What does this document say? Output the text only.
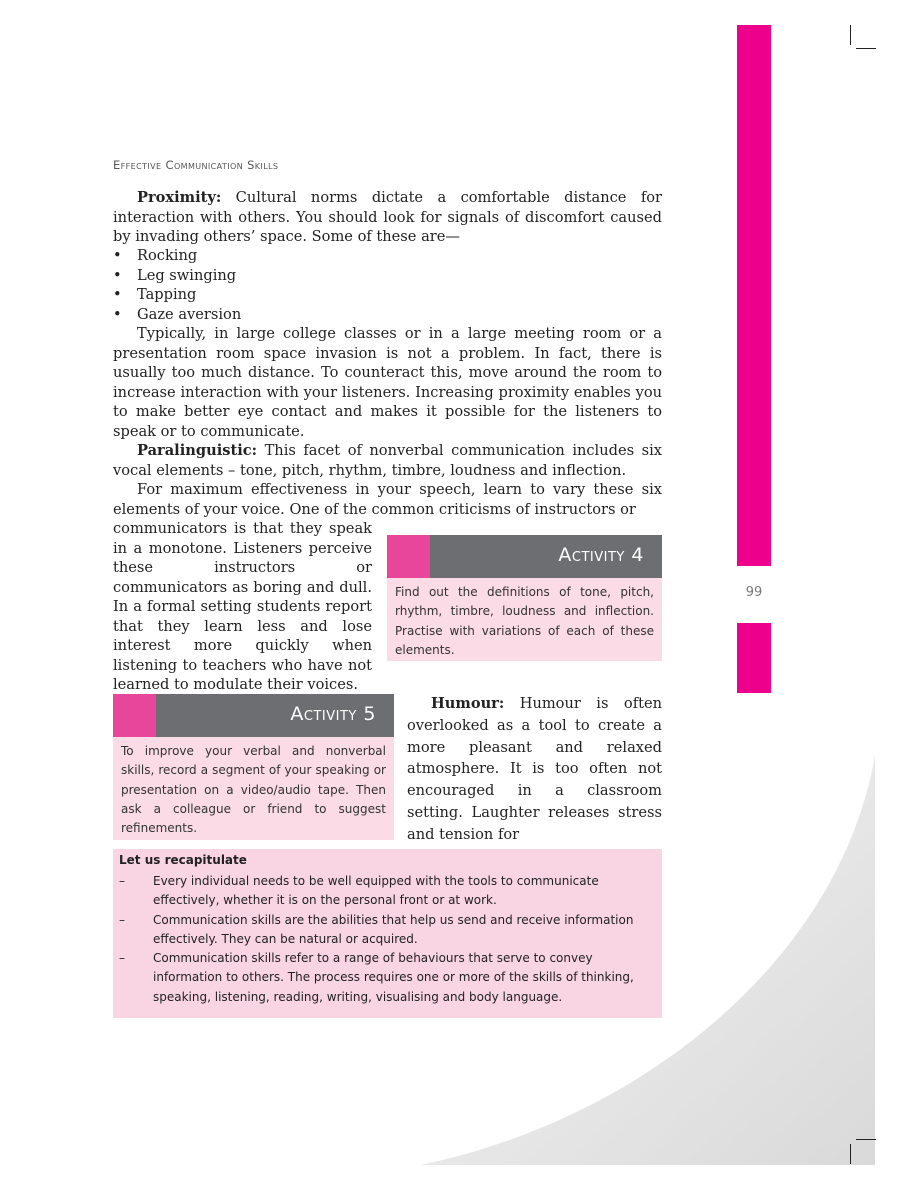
99
Effective Communication Skills

Proximity: Cultural norms dictate a comfortable distance for interaction with others. You should look for signals of discomfort caused by invading others’ space. Some of these are—

• Rocking
• Leg swinging
• Tapping
• Gaze aversion

Typically, in large college classes or in a large meeting room or a presentation room space invasion is not a problem. In fact, there is usually too much distance. To counteract this, move around the room to increase interaction with your listeners. Increasing proximity enables you to make better eye contact and makes it possible for the listeners to speak or to communicate.

Paralinguistic: This facet of nonverbal communication includes six vocal elements – tone, pitch, rhythm, timbre, loudness and inflection.

For maximum effectiveness in your speech, learn to vary these six elements of your voice. One of the common criticisms of instructors or

communicators is that they speak in a monotone. Listeners perceive these instructors or communicators as boring and dull. In a formal setting students report that they learn less and lose interest more quickly when listening to teachers who have not learned to modulate their voices.

Activity 4
Find out the definitions of tone, pitch, rhythm, timbre, loudness and inflection. Practise with variations of each of these elements.
Activity 5
To improve your verbal and nonverbal skills, record a segment of your speaking or presentation on a video/audio tape. Then ask a colleague or friend to suggest refinements.

Humour: Humour is often overlooked as a tool to create a more pleasant and relaxed atmosphere. It is too often not encouraged in a classroom setting. Laughter releases stress and tension for

Let us recapitulate
– Every individual needs to be well equipped with the tools to communicate effectively, whether it is on the personal front or at work.
– Communication skills are the abilities that help us send and receive information effectively. They can be natural or acquired.
– Communication skills refer to a range of behaviours that serve to convey information to others. The process requires one or more of the skills of thinking, speaking, listening, reading, writing, visualising and body language.
